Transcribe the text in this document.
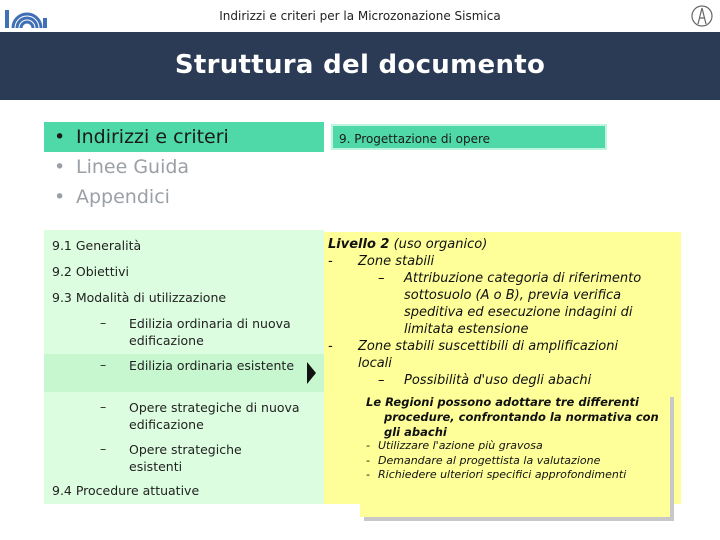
Indirizzi e criteri per la Microzonazione Sismica
Struttura del documento
• Indirizzi e criteri
• Linee Guida
• Appendici
9. Progettazione di opere
9.1 Generalità
9.2 Obiettivi
9.3 Modalità di utilizzazione
9.4 Procedure attuative
– Edilizia ordinaria di nuova edificazione
– Edilizia ordinaria esistente
– Opere strategiche di nuova edificazione
– Opere strategiche esistenti
Livello 2 (uso organico)
- Zone stabili
– Attribuzione categoria di riferimento
sottosuolo (A o B), previa verifica
speditiva ed esecuzione indagini di
limitata estensione
- Zone stabili suscettibili di amplificazioni
locali
– Possibilità d'uso degli abachi
Le Regioni possono adottare tre differenti
procedure, confrontando la normativa con
gli abachi
- Utilizzare l'azione più gravosa
- Demandare al progettista la valutazione
- Richiedere ulteriori specifici approfondimenti
